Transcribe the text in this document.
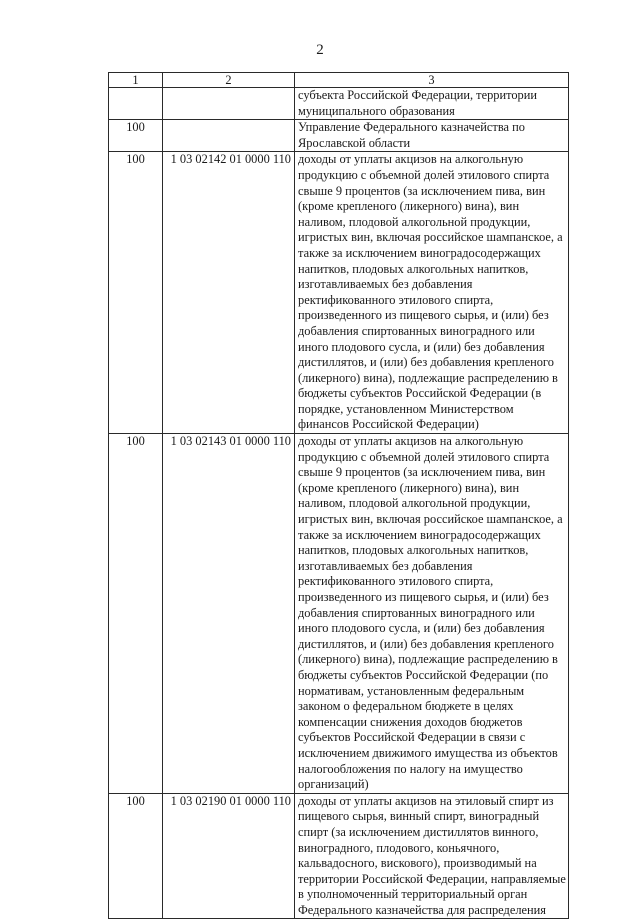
2
1	2	3
		субъекта Российской Федерации, территории муниципального образования
100		Управление Федерального казначейства по Ярославской области
100	1 03 02142 01 0000 110	доходы от уплаты акцизов на алкогольную продукцию с объемной долей этилового спирта свыше 9 процентов (за исключением пива, вин (кроме крепленого (ликерного) вина), вин наливом, плодовой алкогольной продукции, игристых вин, включая российское шампанское, а также за исключением виноградосодержащих напитков, плодовых алкогольных напитков, изготавливаемых без добавления ректификованного этилового спирта, произведенного из пищевого сырья, и (или) без добавления спиртованных виноградного или иного плодового сусла, и (или) без добавления дистиллятов, и (или) без добавления крепленого (ликерного) вина), подлежащие распределению в бюджеты субъектов Российской Федерации (в порядке, установленном Министерством финансов Российской Федерации)
100	1 03 02143 01 0000 110	доходы от уплаты акцизов на алкогольную продукцию с объемной долей этилового спирта свыше 9 процентов (за исключением пива, вин (кроме крепленого (ликерного) вина), вин наливом, плодовой алкогольной продукции, игристых вин, включая российское шампанское, а также за исключением виноградосодержащих напитков, плодовых алкогольных напитков, изготавливаемых без добавления ректификованного этилового спирта, произведенного из пищевого сырья, и (или) без добавления спиртованных виноградного или иного плодового сусла, и (или) без добавления дистиллятов, и (или) без добавления крепленого (ликерного) вина), подлежащие распределению в бюджеты субъектов Российской Федерации (по нормативам, установленным федеральным законом о федеральном бюджете в целях компенсации снижения доходов бюджетов субъектов Российской Федерации в связи с исключением движимого имущества из объектов налогообложения по налогу на имущество организаций)
100	1 03 02190 01 0000 110	доходы от уплаты акцизов на этиловый спирт из пищевого сырья, винный спирт, виноградный спирт (за исключением дистиллятов винного, виноградного, плодового, коньячного, кальвадосного, вискового), производимый на территории Российской Федерации, направляемые в уполномоченный территориальный орган Федерального казначейства для распределения
